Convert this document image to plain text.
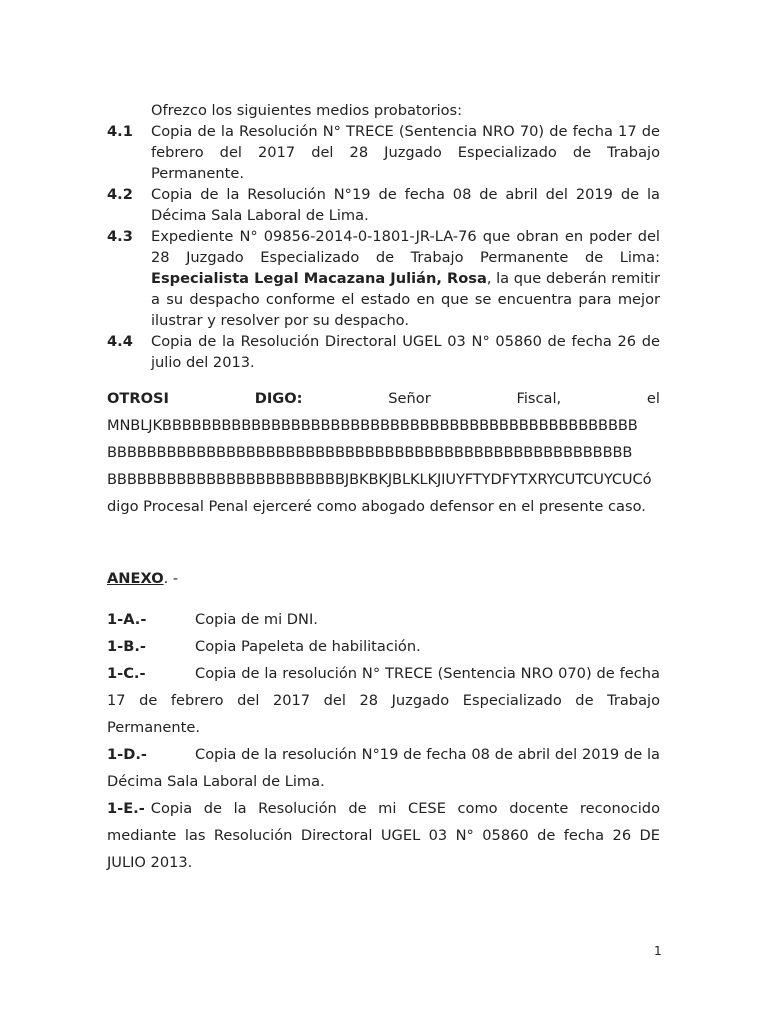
Ofrezco los siguientes medios probatorios:
4.1	Copia de la Resolución N° TRECE (Sentencia NRO 70) de fecha 17 de febrero del 2017 del 28 Juzgado Especializado de Trabajo Permanente.
4.2	Copia de la Resolución N°19 de fecha 08 de abril del 2019 de la Décima Sala Laboral de Lima.
4.3	Expediente N° 09856-2014-0-1801-JR-LA-76 que obran en poder del 28 Juzgado Especializado de Trabajo Permanente de Lima: Especialista Legal Macazana Julián, Rosa, la que deberán remitir a su despacho conforme el estado en que se encuentra para mejor ilustrar y resolver por su despacho.
4.4	Copia de la Resolución Directoral UGEL 03 N° 05860 de fecha 26 de julio del 2013.
OTROSI	DIGO:	Señor	Fiscal,	el
MNBLJKBBBBBBBBBBBBBBBBBBBBBBBBBBBBBBBBBBBBBBBBBBBBBBBB
BBBBBBBBBBBBBBBBBBBBBBBBBBBBBBBBBBBBBBBBBBBBBBBBBBBBB
BBBBBBBBBBBBBBBBBBBBBBBBJBKBKJBLKLKJIUYFTYDFYTXRYCUTCUYCUCó
digo Procesal Penal ejerceré como abogado defensor en el presente caso.
ANEXO. -
1-A.-	Copia de mi DNI.
1-B.-	Copia Papeleta de habilitación.
1-C.-	Copia de la resolución N° TRECE (Sentencia NRO 070) de fecha 17 de febrero del 2017 del 28 Juzgado Especializado de Trabajo Permanente.
1-D.-	Copia de la resolución N°19 de fecha 08 de abril del 2019 de la Décima Sala Laboral de Lima.
1-E.- Copia de la Resolución de mi CESE como docente reconocido mediante las Resolución Directoral UGEL 03 N° 05860 de fecha 26 DE JULIO 2013.
1
